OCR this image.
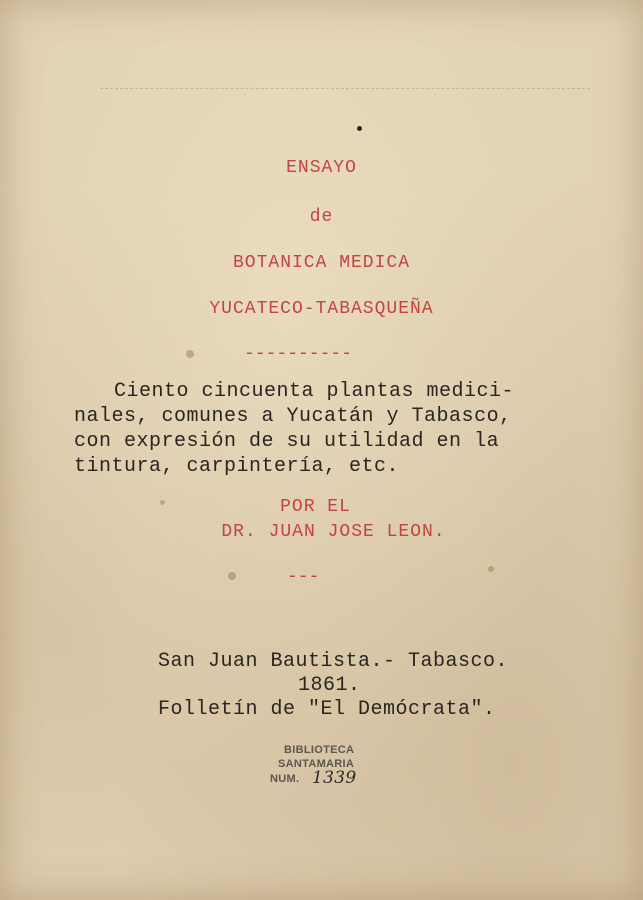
ENSAYO
de
BOTANICA MEDICA
YUCATECO-TABASQUEÑA
----------
Ciento cincuenta plantas medici-
nales, comunes a Yucatán y Tabasco,
con expresión de su utilidad en la
tintura, carpintería, etc.
POR EL
DR. JUAN JOSE LEON.
---
San Juan Bautista.- Tabasco.
1861.
Folletín de "El Demócrata".
BIBLIOTECA
SANTAMARIA
NUM. 1339
